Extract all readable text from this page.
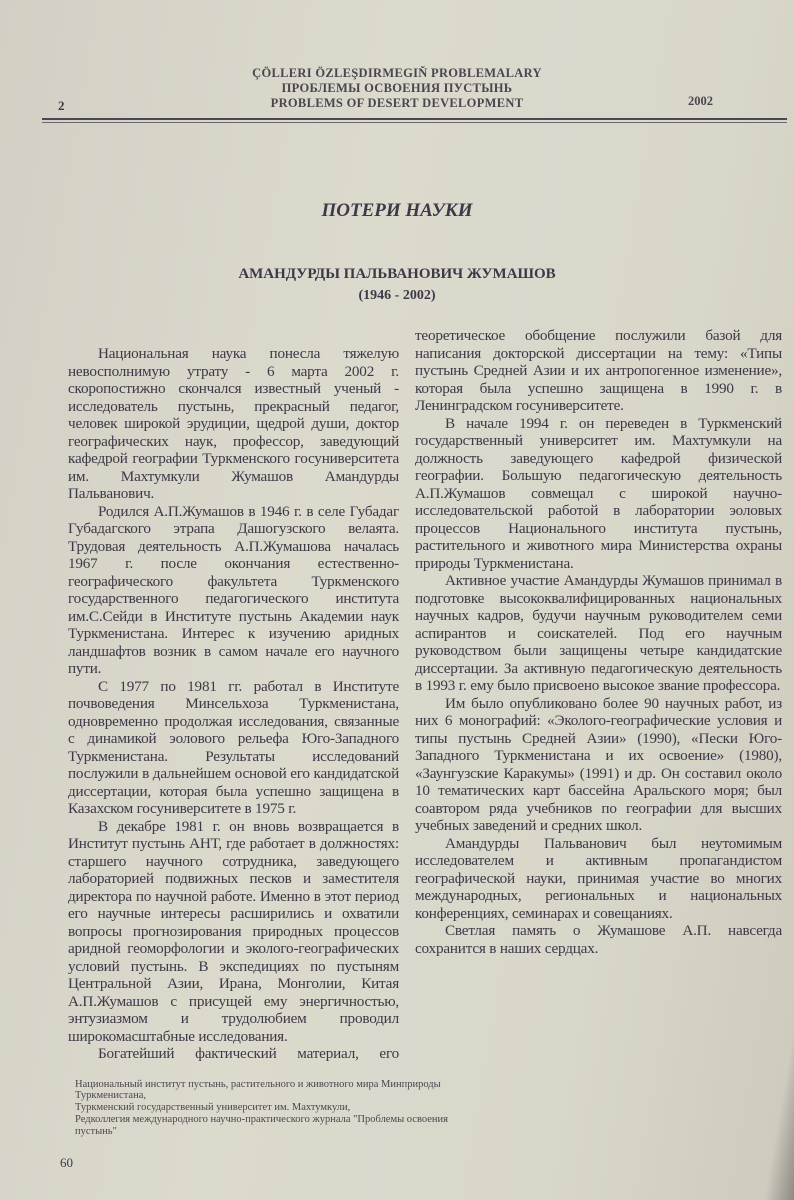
ÇÖLLERI ÖZLEŞDIRMEGIŇ PROBLEMALARY
ПРОБЛЕМЫ ОСВОЕНИЯ ПУСТЫНЬ
PROBLEMS OF DESERT DEVELOPMENT
2	2002
ПОТЕРИ НАУКИ
АМАНДУРДЫ ПАЛЬВАНОВИЧ ЖУМАШОВ
(1946 - 2002)

Национальная наука понесла тяжелую невосполнимую утрату - 6 марта 2002 г. скоропостижно скончался известный ученый - исследователь пустынь, прекрасный педагог, человек широкой эрудиции, щедрой души, доктор географических наук, профессор, заведующий кафедрой географии Туркменского госуниверситета им. Махтумкули Жумашов Амандурды Пальванович.

Родился А.П.Жумашов в 1946 г. в селе Губадаг Губадагского этрапа Дашогузского велаята. Трудовая деятельность А.П.Жумашова началась 1967 г. после окончания естественно-географического факультета Туркменского государственного педагогического института им.С.Сейди в Институте пустынь Академии наук Туркменистана. Интерес к изучению аридных ландшафтов возник в самом начале его научного пути.

С 1977 по 1981 гг. работал в Институте почвоведения Минсельхоза Туркменистана, одновременно продолжая исследования, связанные с динамикой эолового рельефа Юго-Западного Туркменистана. Результаты исследований послужили в дальнейшем основой его кандидатской диссертации, которая была успешно защищена в Казахском госуниверситете в 1975 г.

В декабре 1981 г. он вновь возвращается в Институт пустынь АНТ, где работает в должностях: старшего научного сотрудника, заведующего лабораторией подвижных песков и заместителя директора по научной работе. Именно в этот период его научные интересы расширились и охватили вопросы прогнозирования природных процессов аридной геоморфологии и эколого-географических условий пустынь. В экспедициях по пустыням Центральной Азии, Ирана, Монголии, Китая А.П.Жумашов с присущей ему энергичностью, энтузиазмом и трудолюбием проводил широкомасштабные исследования.

Богатейший фактический материал, его

теоретическое обобщение послужили базой для написания докторской диссертации на тему: «Типы пустынь Средней Азии и их антропогенное изменение», которая была успешно защищена в 1990 г. в Ленинградском госуниверситете.

В начале 1994 г. он переведен в Туркменский государственный университет им. Махтумкули на должность заведующего кафедрой физической географии. Большую педагогическую деятельность А.П.Жумашов совмещал с широкой научно-исследовательской работой в лаборатории эоловых процессов Национального института пустынь, растительного и животного мира Министерства охраны природы Туркменистана.

Активное участие Амандурды Жумашов принимал в подготовке высококвалифицированных национальных научных кадров, будучи научным руководителем семи аспирантов и соискателей. Под его научным руководством были защищены четыре кандидатские диссертации. За активную педагогическую деятельность в 1993 г. ему было присвоено высокое звание профессора.

Им было опубликовано более 90 научных работ, из них 6 монографий: «Эколого-географические условия и типы пустынь Средней Азии» (1990), «Пески Юго-Западного Туркменистана и их освоение» (1980), «Заунгузские Каракумы» (1991) и др. Он составил около 10 тематических карт бассейна Аральского моря; был соавтором ряда учебников по географии для высших учебных заведений и средних школ.

Амандурды Пальванович был неутомимым исследователем и активным пропагандистом географической науки, принимая участие во многих международных, региональных и национальных конференциях, семинарах и совещаниях.

Светлая память о Жумашове А.П. навсегда сохранится в наших сердцах.

Национальный институт пустынь, растительного и животного мира Минприроды Туркменистана,
Туркменский государственный университет им. Махтумкули,
Редколлегия международного научно-практического журнала "Проблемы освоения пустынь"
60
